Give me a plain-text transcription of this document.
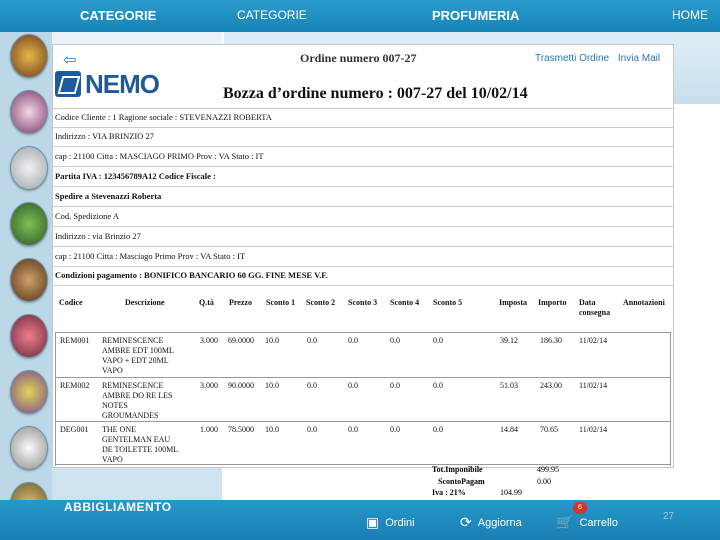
CATEGORIE	CATEGORIE	PROFUMERIA	HOME
⇦	Ordine numero 007-27	Trasmetti Ordine Invia Mail
NEMO	Bozza d’ordine numero : 007-27 del 10/02/14
Codice Cliente : 1 Ragione sociale : STEVENAZZI ROBERTA
Indirizzo : VIA BRINZIO 27
cap : 21100 Citta : MASCIAGO PRIMO Prov : VA Stato : IT
Partita IVA : 123456789A12 Codice Fiscale :
Spedire a Stevenazzi Roberta
Cod. Spedizione A
Indirizzo : via Brinzio 27
cap : 21100 Citta : Masciago Primo Prov : VA Stato : IT
Condizioni pagamento : BONIFICO BANCARIO 60 GG. FINE MESE V.F.
Codice	Descrizione	Q.tà Prezzo Sconto 1 Sconto 2 Sconto 3 Sconto 4 Sconto 5	Imposta Importo Data
consegna
Annotazioni
REM001 REMINESCENCE
AMBRE EDT 100ML
VAPO + EDT 20ML
VAPO
3.000 69.0000 10.0	0.0	0.0	0.0	0.0	39.12	186.30 11/02/14
REM002 REMINESCENCE
AMBRE DO RE LES
NOTES
GROUMANDES
3.000 90.0000 10.0	0.0	0.0	0.0	0.0	51.03	243.00 11/02/14
DEG001 THE ONE
GENTELMAN EAU
DE TOILETTE 100ML
VAPO
1.000 78.5000 10.0	0.0	0.0	0.0	0.0	14.84	70.65	11/02/14
Tot.Imponibile	499.95
ScontoPagam	0.00
Iva : 21%	104.99
ABBIGLIAMENTO
▣ Ordini	⟳ Aggiorna 🛒 Carrello
6
27
